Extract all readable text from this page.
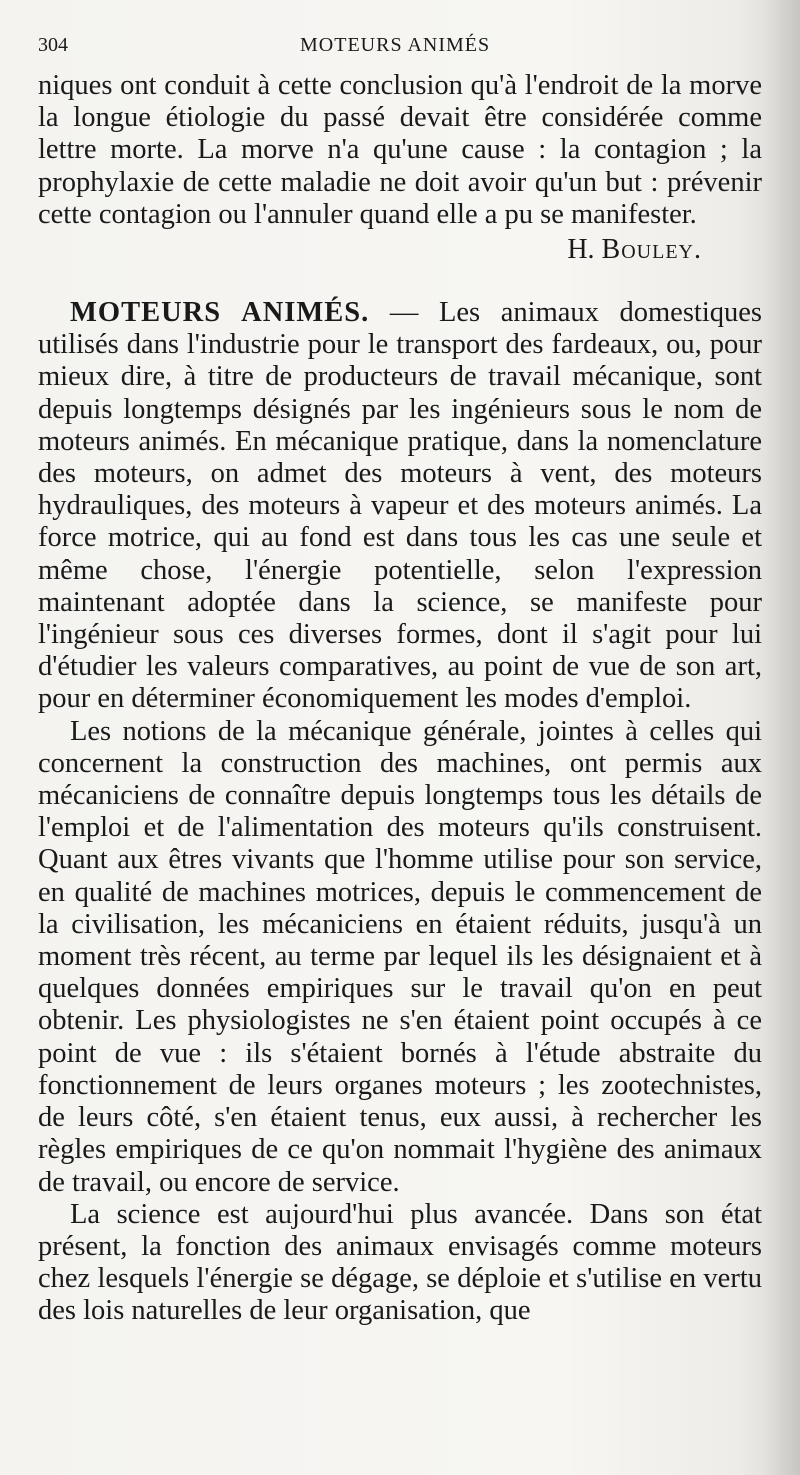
304	MOTEURS ANIMÉS

niques ont conduit à cette conclusion qu'à l'endroit de la morve la longue étiologie du passé devait être considérée comme lettre morte. La morve n'a qu'une cause : la contagion ; la prophylaxie de cette maladie ne doit avoir qu'un but : prévenir cette contagion ou l'annuler quand elle a pu se manifester.

H. Bouley.

MOTEURS ANIMÉS. — Les animaux domestiques utilisés dans l'industrie pour le transport des fardeaux, ou, pour mieux dire, à titre de producteurs de travail mécanique, sont depuis longtemps désignés par les ingénieurs sous le nom de moteurs animés. En mécanique pratique, dans la nomenclature des moteurs, on admet des moteurs à vent, des moteurs hydrauliques, des moteurs à vapeur et des moteurs animés. La force motrice, qui au fond est dans tous les cas une seule et même chose, l'énergie potentielle, selon l'expression maintenant adoptée dans la science, se manifeste pour l'ingénieur sous ces diverses formes, dont il s'agit pour lui d'étudier les valeurs comparatives, au point de vue de son art, pour en déterminer économiquement les modes d'emploi.

Les notions de la mécanique générale, jointes à celles qui concernent la construction des machines, ont permis aux mécaniciens de connaître depuis longtemps tous les détails de l'emploi et de l'alimentation des moteurs qu'ils construisent. Quant aux êtres vivants que l'homme utilise pour son service, en qualité de machines motrices, depuis le commencement de la civilisation, les mécaniciens en étaient réduits, jusqu'à un moment très récent, au terme par lequel ils les désignaient et à quelques données empiriques sur le travail qu'on en peut obtenir. Les physiologistes ne s'en étaient point occupés à ce point de vue : ils s'étaient bornés à l'étude abstraite du fonctionnement de leurs organes moteurs ; les zootechnistes, de leurs côté, s'en étaient tenus, eux aussi, à rechercher les règles empiriques de ce qu'on nommait l'hygiène des animaux de travail, ou encore de service.

La science est aujourd'hui plus avancée. Dans son état présent, la fonction des animaux envisagés comme moteurs chez lesquels l'énergie se dégage, se déploie et s'utilise en vertu des lois naturelles de leur organisation, que
